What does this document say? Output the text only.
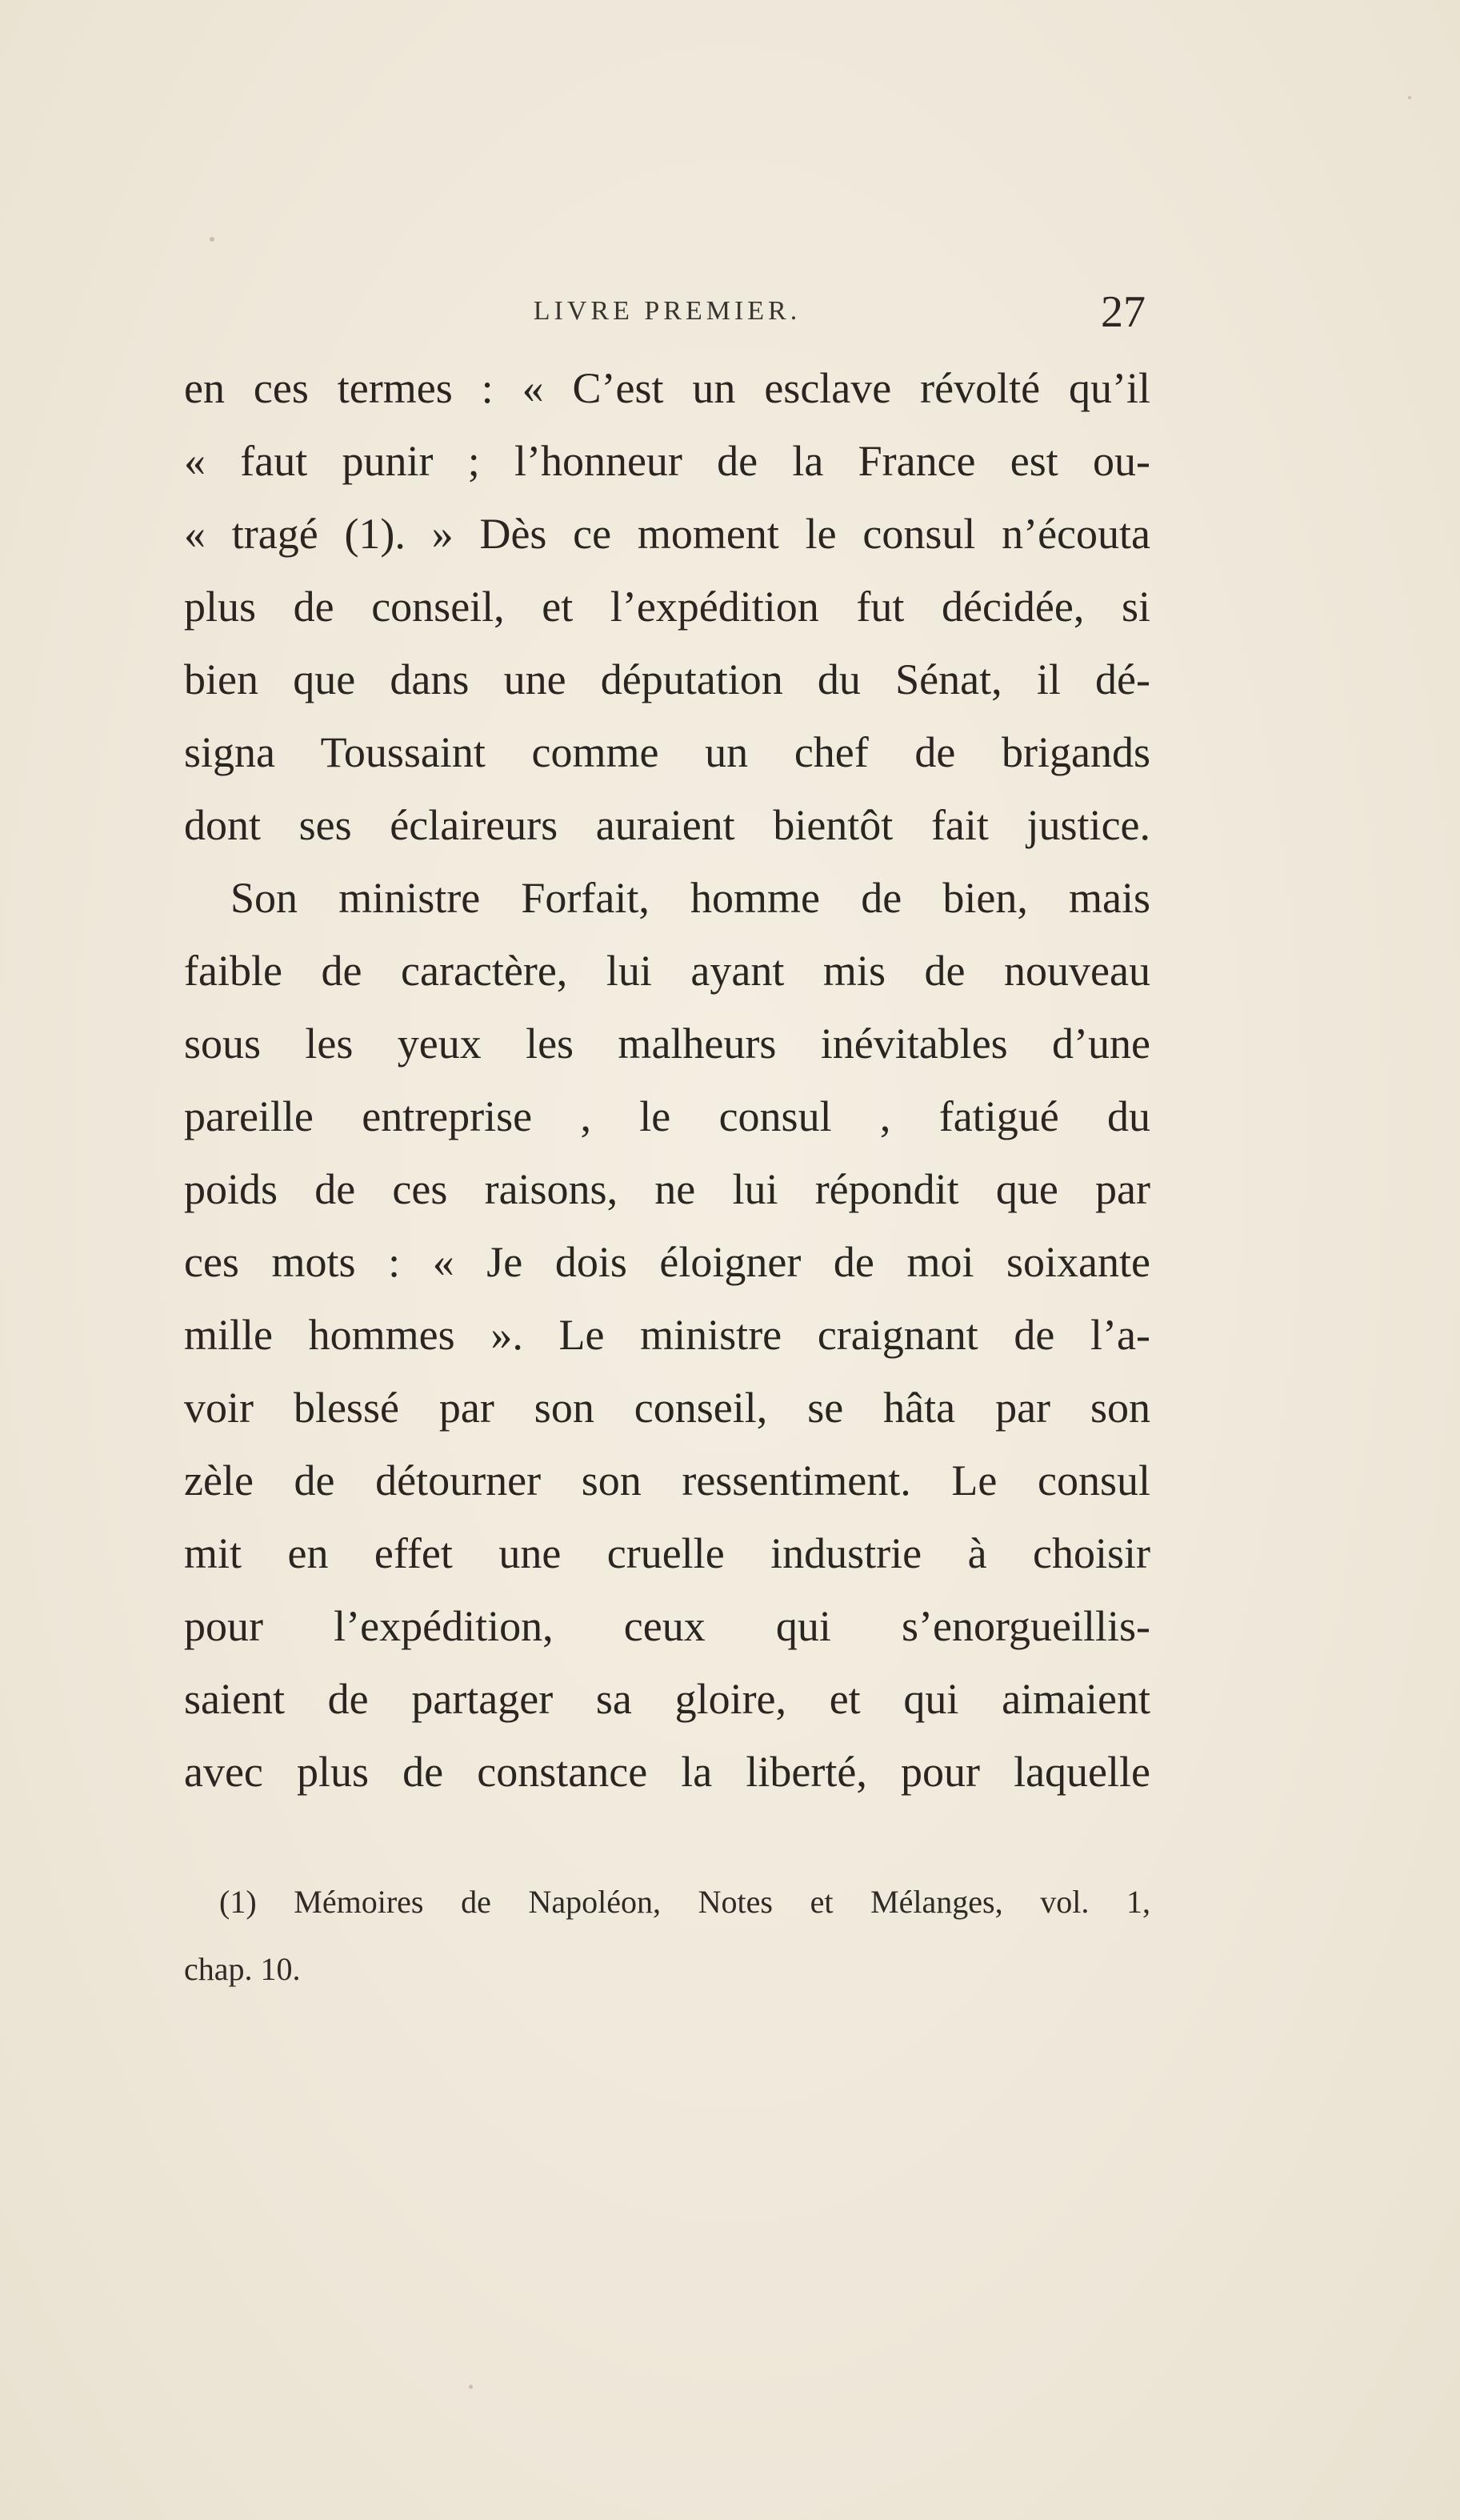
LIVRE PREMIER.	27
en ces termes : « C’est un esclave révolté qu’il
« faut punir ; l’honneur de la France est ou-
« tragé (1). » Dès ce moment le consul n’écouta
plus de conseil, et l’expédition fut décidée, si
bien que dans une députation du Sénat, il dé-
signa Toussaint comme un chef de brigands
dont ses éclaireurs auraient bientôt fait justice.
Son ministre Forfait, homme de bien, mais
faible de caractère, lui ayant mis de nouveau
sous les yeux les malheurs inévitables d’une
pareille entreprise , le consul , fatigué du
poids de ces raisons, ne lui répondit que par
ces mots : « Je dois éloigner de moi soixante
mille hommes ». Le ministre craignant de l’a-
voir blessé par son conseil, se hâta par son
zèle de détourner son ressentiment. Le consul
mit en effet une cruelle industrie à choisir
pour l’expédition, ceux qui s’enorgueillis-
saient de partager sa gloire, et qui aimaient
avec plus de constance la liberté, pour laquelle
(1) Mémoires de Napoléon, Notes et Mélanges, vol. 1,
chap. 10.
